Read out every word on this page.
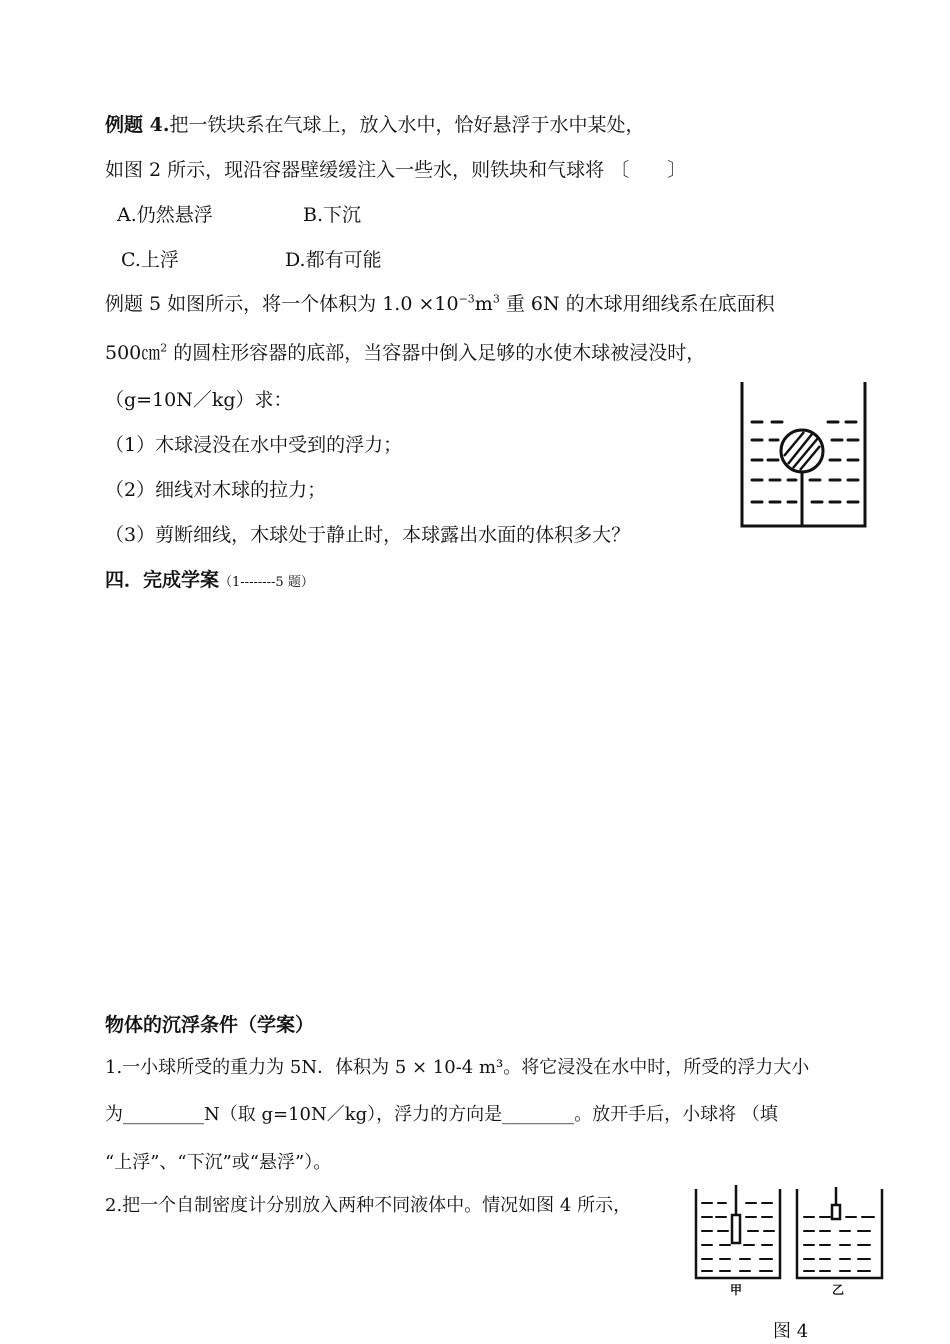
例题 4.把一铁块系在气球上，放入水中，恰好悬浮于水中某处，
如图 2 所示，现沿容器壁缓缓注入一些水，则铁块和气球将 〔　　〕
A.仍然悬浮	B.下沉
C.上浮	D.都有可能
例题 5 如图所示，将一个体积为 $1.0 \times 10^{-3}m^3$ 重 6N 的木球用细线系在底面积
500㎝$^2$ 的圆柱形容器的底部，当容器中倒入足够的水使木球被浸没时，
（g=10N／kg）求：
（1）木球浸没在水中受到的浮力；
（2）细线对木球的拉力；
（3）剪断细线，木球处于静止时，本球露出水面的体积多大？
四．完成学案（1--------5 题）
物体的沉浮条件（学案）
1.一小球所受的重力为 5N．体积为 5 × 10-4 m³。将它浸没在水中时，所受的浮力大小
为_________N（取 g=10N／kg），浮力的方向是________。放开手后，小球将 （填
“上浮”、“下沉”或“悬浮”）。
2.把一个自制密度计分别放入两种不同液体中。情况如图 4 所示，
甲	乙
图 4
